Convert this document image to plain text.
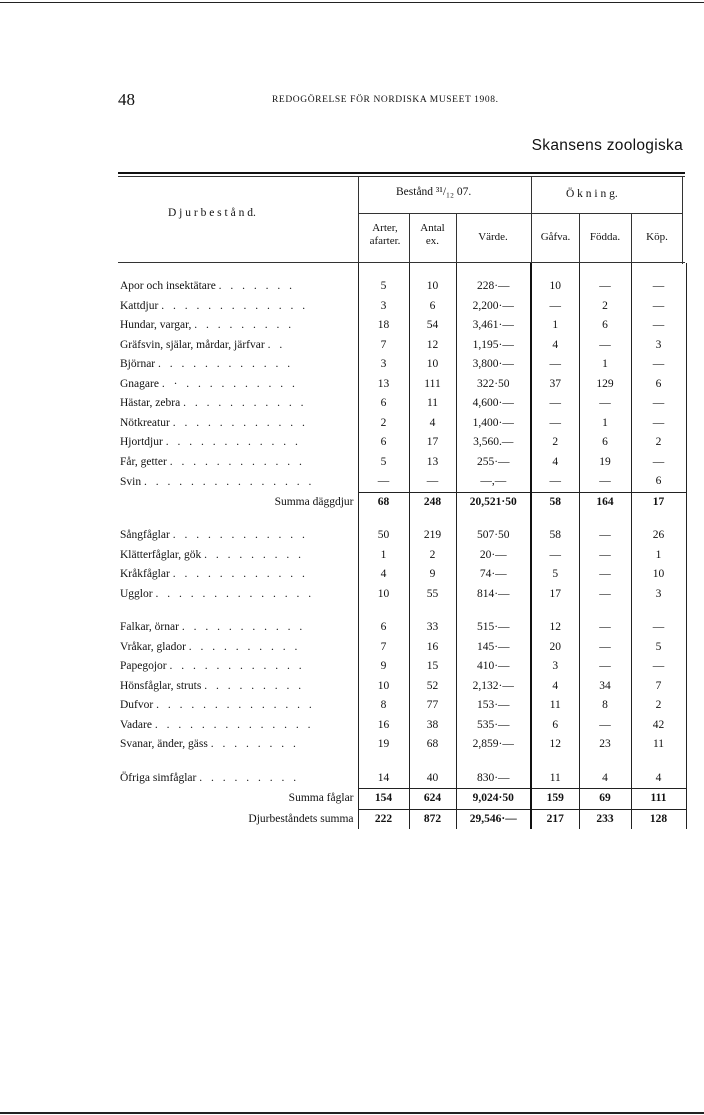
48	REDOGÖRELSE FÖR NORDISKA MUSEET 1908.
Skansens zoologiska
D j u r b e s t å n d.
Bestånd ³¹/₁₂ 07.	Ö k n i n g.
Arter,
afarter.
Antal
ex.	Värde.	Gåfva.	Födda.	Köp.

Apor och insektätare . . . . . . .	5	10	228·—	10	—	—
Kattdjur . . . . . . . . . . . . .	3	6	2,200·—	—	2	—
Hundar, vargar, . . . . . . . . .	18	54	3,461·—	1	6	—
Gräfsvin, själar, mårdar, järfvar . .	7	12	1,195·—	4	—	3
Björnar . . . . . . . . . . . .	3	10	3,800·—	—	1	—
Gnagare . · . . . . . . . . . .	13	111	322·50	37	129	6
Hästar, zebra . . . . . . . . . . .	6	11	4,600·—	—	—	—
Nötkreatur . . . . . . . . . . . .	2	4	1,400·—	—	1	—
Hjortdjur . . . . . . . . . . . .	6	17	3,560.—	2	6	2
Får, getter . . . . . . . . . . . .	5	13	255·—	4	19	—
Svin . . . . . . . . . . . . . . .	—	—	—,—	—	—	6
Summa däggdjur	68	248	20,521·50	58	164	17

Sångfåglar . . . . . . . . . . . .	50	219	507·50	58	—	26
Klätterfåglar, gök . . . . . . . . .	1	2	20·—	—	—	1
Kråkfåglar . . . . . . . . . . . .	4	9	74·—	5	—	10
Ugglor . . . . . . . . . . . . . .	10	55	814·—	17	—	3

Falkar, örnar . . . . . . . . . . .	6	33	515·—	12	—	—
Vråkar, glador . . . . . . . . . .	7	16	145·—	20	—	5
Papegojor . . . . . . . . . . . .	9	15	410·—	3	—	—
Hönsfåglar, struts . . . . . . . . .	10	52	2,132·—	4	34	7
Dufvor . . . . . . . . . . . . . .	8	77	153·—	11	8	2
Vadare . . . . . . . . . . . . . .	16	38	535·—	6	—	42
Svanar, änder, gäss . . . . . . . .	19	68	2,859·—	12	23	11

Öfriga simfåglar . . . . . . . . .	14	40	830·—	11	4	4
Summa fåglar	154	624	9,024·50	159	69	111
Djurbeståndets summa	222	872	29,546·—	217	233	128
